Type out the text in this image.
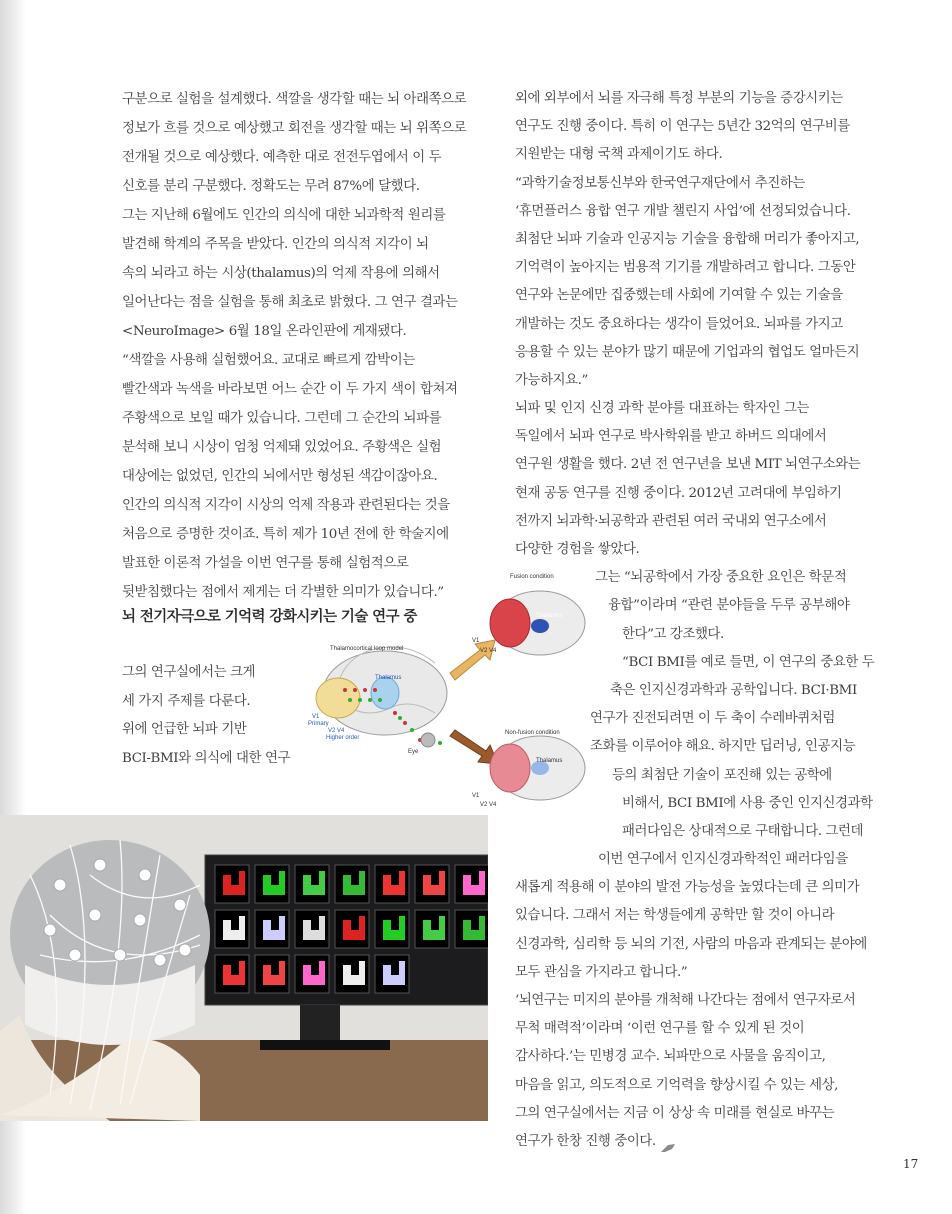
구분으로 실험을 설계했다. 색깔을 생각할 때는 뇌 아래쪽으로
정보가 흐를 것으로 예상했고 회전을 생각할 때는 뇌 위쪽으로
전개될 것으로 예상했다. 예측한 대로 전전두엽에서 이 두
신호를 분리 구분했다. 정확도는 무려 87%에 달했다.
그는 지난해 6월에도 인간의 의식에 대한 뇌과학적 원리를
발견해 학계의 주목을 받았다. 인간의 의식적 지각이 뇌
속의 뇌라고 하는 시상(thalamus)의 억제 작용에 의해서
일어난다는 점을 실험을 통해 최초로 밝혔다. 그 연구 결과는
<NeuroImage> 6월 18일 온라인판에 게재됐다.
“색깔을 사용해 실험했어요. 교대로 빠르게 깜박이는
빨간색과 녹색을 바라보면 어느 순간 이 두 가지 색이 합쳐져
주황색으로 보일 때가 있습니다. 그런데 그 순간의 뇌파를
분석해 보니 시상이 엄청 억제돼 있었어요. 주황색은 실험
대상에는 없었던, 인간의 뇌에서만 형성된 색감이잖아요.
인간의 의식적 지각이 시상의 억제 작용과 관련된다는 것을
처음으로 증명한 것이죠. 특히 제가 10년 전에 한 학술지에
발표한 이론적 가설을 이번 연구를 통해 실험적으로
뒷받침했다는 점에서 제게는 더 각별한 의미가 있습니다.”
뇌 전기자극으로 기억력 강화시키는 기술 연구 중
그의 연구실에서는 크게
세 가지 주제를 다룬다.
위에 언급한 뇌파 기반
BCI-BMI와 의식에 대한 연구
외에 외부에서 뇌를 자극해 특정 부분의 기능을 증강시키는
연구도 진행 중이다. 특히 이 연구는 5년간 32억의 연구비를
지원받는 대형 국책 과제이기도 하다.
“과학기술정보통신부와 한국연구재단에서 추진하는
‘휴먼플러스 융합 연구 개발 챌린지 사업’에 선정되었습니다.
최첨단 뇌파 기술과 인공지능 기술을 융합해 머리가 좋아지고,
기억력이 높아지는 범용적 기기를 개발하려고 합니다. 그동안
연구와 논문에만 집중했는데 사회에 기여할 수 있는 기술을
개발하는 것도 중요하다는 생각이 들었어요. 뇌파를 가지고
응용할 수 있는 분야가 많기 때문에 기업과의 협업도 얼마든지
가능하지요.”
뇌파 및 인지 신경 과학 분야를 대표하는 학자인 그는
독일에서 뇌파 연구로 박사학위를 받고 하버드 의대에서
연구원 생활을 했다. 2년 전 연구년을 보낸 MIT 뇌연구소와는
현재 공동 연구를 진행 중이다. 2012년 고려대에 부임하기
전까지 뇌과학·뇌공학과 관련된 여러 국내외 연구소에서
다양한 경험을 쌓았다.
그는 “뇌공학에서 가장 중요한 요인은 학문적
융합”이라며 “관련 분야들을 두루 공부해야
한다”고 강조했다.
“BCI BMI를 예로 들면, 이 연구의 중요한 두
축은 인지신경과학과 공학입니다. BCI·BMI
연구가 진전되려면 이 두 축이 수레바퀴처럼
조화를 이루어야 해요. 하지만 딥러닝, 인공지능
등의 최첨단 기술이 포진해 있는 공학에
비해서, BCI BMI에 사용 중인 인지신경과학
패러다임은 상대적으로 구태합니다. 그런데
이번 연구에서 인지신경과학적인 패러다임을
새롭게 적용해 이 분야의 발전 가능성을 높였다는데 큰 의미가
있습니다. 그래서 저는 학생들에게 공학만 할 것이 아니라
신경과학, 심리학 등 뇌의 기전, 사람의 마음과 관계되는 분야에
모두 관심을 가지라고 합니다.”
‘뇌연구는 미지의 분야를 개척해 나간다는 점에서 연구자로서
무척 매력적’이라며 ‘이런 연구를 할 수 있게 된 것이
감사하다.’는 민병경 교수. 뇌파만으로 사물을 움직이고,
마음을 읽고, 의도적으로 기억력을 향상시킬 수 있는 세상,
그의 연구실에서는 지금 이 상상 속 미래를 현실로 바꾸는
연구가 한창 진행 중이다.
Thalamocortical loop model
Fusion condition
Non-fusion condition
V1
Primary
V2 V4
Higher order
Eye
Thalamus
Thalamus
Thalamus
V1
V2 V4
V1
V2 V4
17
